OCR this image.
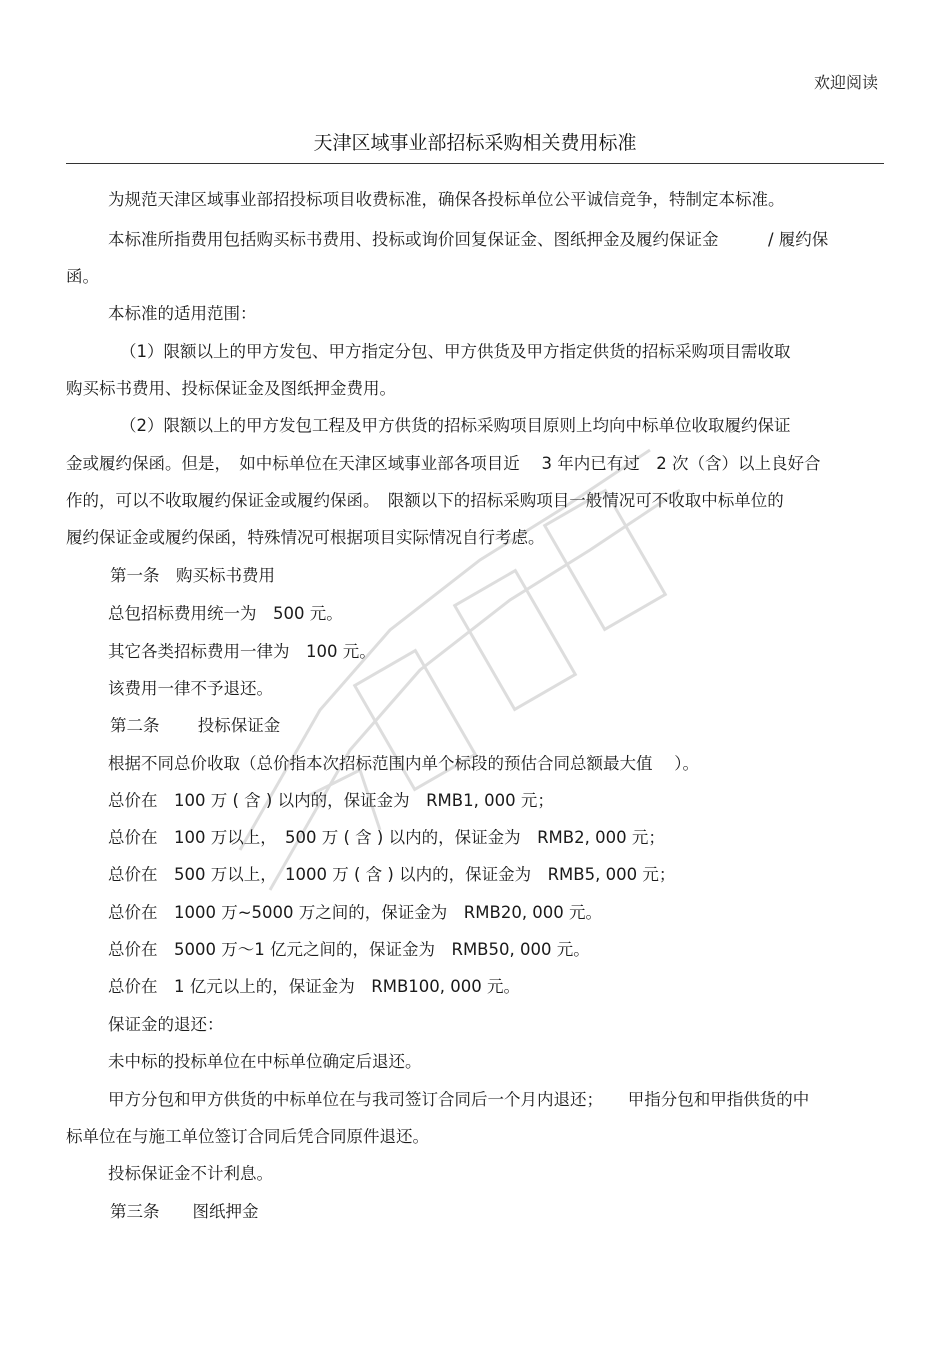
欢迎阅读
天津区域事业部招标采购相关费用标准
为规范天津区域事业部招投标项目收费标准，确保各投标单位公平诚信竞争，特制定本标准。
本标准所指费用包括购买标书费用、投标或询价回复保证金、图纸押金及履约保证金　　　/ 履约保
函。
本标准的适用范围：
（1）限额以上的甲方发包、甲方指定分包、甲方供货及甲方指定供货的招标采购项目需收取
购买标书费用、投标保证金及图纸押金费用。
（2）限额以上的甲方发包工程及甲方供货的招标采购项目原则上均向中标单位收取履约保证
金或履约保函。但是，　如中标单位在天津区域事业部各项目近　 3 年内已有过　2 次（含）以上良好合
作的，可以不收取履约保证金或履约保函。　限额以下的招标采购项目一般情况可不收取中标单位的
履约保证金或履约保函，特殊情况可根据项目实际情况自行考虑。
第一条　购买标书费用
总包招标费用统一为　500 元。
其它各类招标费用一律为　100 元。
该费用一律不予退还。
第二条　　 投标保证金
根据不同总价收取（总价指本次招标范围内单个标段的预估合同总额最大值　 ）。
总价在　100 万 ( 含 ) 以内的，保证金为　RMB1, 000 元；
总价在　100 万以上，　500 万 ( 含 ) 以内的，保证金为　RMB2, 000 元；
总价在　500 万以上，　1000 万 ( 含 ) 以内的，保证金为　RMB5, 000 元；
总价在　1000 万~5000 万之间的，保证金为　RMB20, 000 元。
总价在　5000 万～1 亿元之间的，保证金为　RMB50, 000 元。
总价在　1 亿元以上的，保证金为　RMB100, 000 元。
保证金的退还：
未中标的投标单位在中标单位确定后退还。
甲方分包和甲方供货的中标单位在与我司签订合同后一个月内退还；　　甲指分包和甲指供货的中
标单位在与施工单位签订合同后凭合同原件退还。
投标保证金不计利息。
第三条　　图纸押金
